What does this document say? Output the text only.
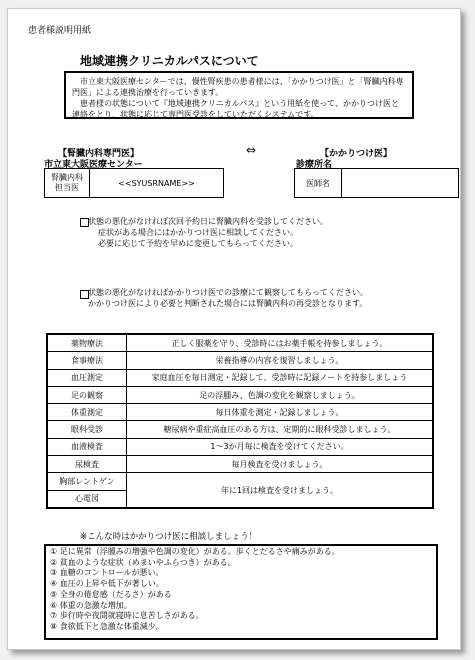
患者様説明用紙
地域連携クリニカルパスについて

市立東大阪医療センターでは、慢性腎疾患の患者様には、「かかりつけ医」と「腎臓内科専門医」による連携治療を行っていきます。

患者様の状態について『地域連携クリニカルパス』という用紙を使って、かかりつけ医と連絡をとり、状態に応じて専門医受診をしていただくシステムです。

【腎臓内科専門医】	⇔	【かかりつけ医】
市立東大阪医療センター	診療所名
腎臓内科
担当医	<<SYUSRNAME>>	医師名
状態の悪化がなければ次回予約日に腎臓内科を受診してください。
症状がある場合にはかかりつけ医に相談してください。
必要に応じて予約を早めに変更してもらってください。
状態の悪化がなければかかりつけ医での診療にて観察してもらってください。
かかりつけ医により必要と判断された場合には腎臓内科の再受診となります。
薬物療法	正しく服薬を守り、受診時にはお薬手帳を持参しましょう。
食事療法	栄養指導の内容を復習しましょう。
血圧測定	家庭血圧を毎日測定・記録して、受診時に記録ノートを持参しましょう
足の観察	足の浮腫み、色調の変化を観察しましょう。
体重測定	毎日体重を測定・記録しましょう。
眼科受診	糖尿病や重症高血圧のある方は、定期的に眼科受診しましょう。
血液検査	1～3か月毎に検査を受けてください。
尿検査	毎月検査を受けましょう。
胸部レントゲン	年に1回は検査を受けましょう。
心電図	
※こんな時はかかりつけ医に相談しましょう！
① 足に異常（浮腫みの増強や色調の変化）がある。歩くとだるさや痛みがある。
② 貧血のような症状（めまいやふらつき）がある。
③ 血糖のコントロールが悪い。
④ 血圧の上昇や低下が著しい。
⑤ 全身の倦怠感（だるさ）がある
⑥ 体重の急激な増加。
⑦ 歩行時や夜間就寝時に息苦しさがある。
⑧ 食欲低下と急激な体重減少。
